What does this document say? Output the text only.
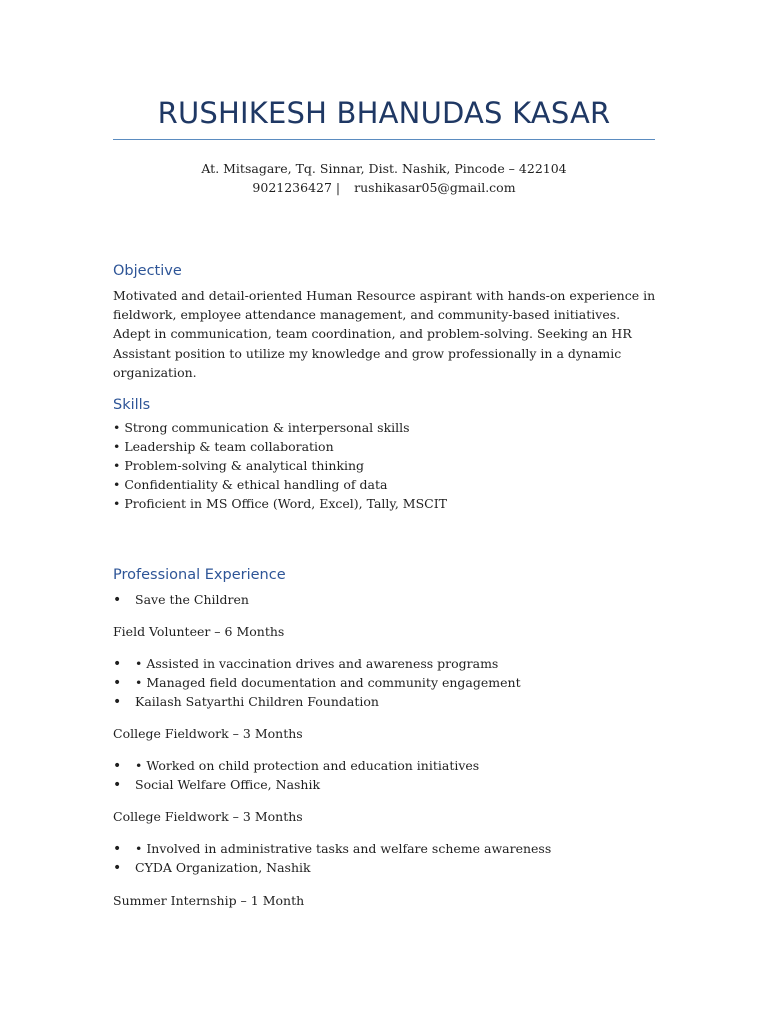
RUSHIKESH BHANUDAS KASAR
At. Mitsagare, Tq. Sinnar, Dist. Nashik, Pincode – 422104
9021236427 | rushikasar05@gmail.com
Objective
Motivated and detail-oriented Human Resource aspirant with hands-on experience in fieldwork, employee attendance management, and community-based initiatives. Adept in communication, team coordination, and problem-solving. Seeking an HR Assistant position to utilize my knowledge and grow professionally in a dynamic organization.
Skills
• Strong communication & interpersonal skills
• Leadership & team collaboration
• Problem-solving & analytical thinking
• Confidentiality & ethical handling of data
• Proficient in MS Office (Word, Excel), Tally, MSCIT
Professional Experience
• Save the Children
Field Volunteer – 6 Months
• • Assisted in vaccination drives and awareness programs
• • Managed field documentation and community engagement
• Kailash Satyarthi Children Foundation
College Fieldwork – 3 Months
• • Worked on child protection and education initiatives
• Social Welfare Office, Nashik
College Fieldwork – 3 Months
• • Involved in administrative tasks and welfare scheme awareness
• CYDA Organization, Nashik
Summer Internship – 1 Month
